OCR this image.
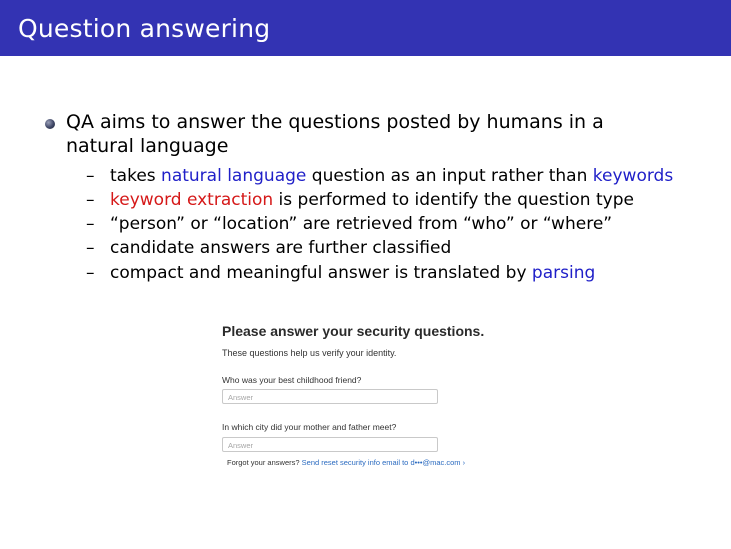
Question answering
QA aims to answer the questions posted by humans in a natural language
– takes natural language question as an input rather than keywords
– keyword extraction is performed to identify the question type
– “person” or “location” are retrieved from “who” or “where”
– candidate answers are further classified
– compact and meaningful answer is translated by parsing
Please answer your security questions.
These questions help us verify your identity.
Who was your best childhood friend?
Answer
In which city did your mother and father meet?
Answer
Forgot your answers? Send reset security info email to d•••@mac.com ›
